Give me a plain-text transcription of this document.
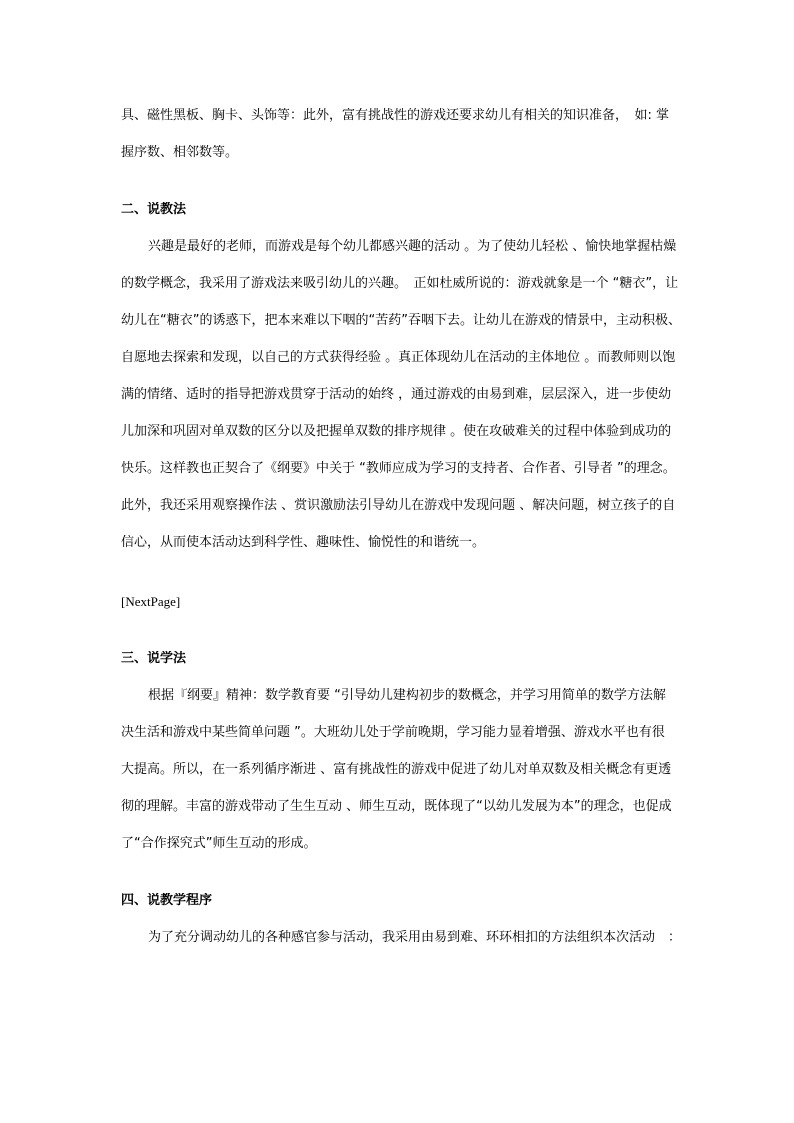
具、磁性黑板、胸卡、头饰等：此外，富有挑战性的游戏还要求幼儿有相关的知识准备，　如: 掌
握序数、相邻数等。
二、说教法
兴趣是最好的老师，而游戏是每个幼儿都感兴趣的活动 。为了使幼儿轻松 、愉快地掌握枯燥
的数学概念，我采用了游戏法来吸引幼儿的兴趣。　正如杜威所说的：游戏就象是一个 “糖衣”，让
幼儿在“糖衣”的诱惑下，把本来难以下咽的“苦药”吞咽下去。让幼儿在游戏的情景中，主动积极、
自愿地去探索和发现，以自己的方式获得经验 。真正体现幼儿在活动的主体地位 。而教师则以饱
满的情绪、适时的指导把游戏贯穿于活动的始终 ，通过游戏的由易到难，层层深入，进一步使幼
儿加深和巩固对单双数的区分以及把握单双数的排序规律 。使在攻破难关的过程中体验到成功的
快乐。这样教也正契合了《纲要》中关于 “教师应成为学习的支持者、合作者、引导者 ”的理念。
此外，我还采用观察操作法 、赏识激励法引导幼儿在游戏中发现问题 、解决问题，树立孩子的自
信心，从而使本活动达到科学性、趣味性、愉悦性的和谐统一。
[NextPage]
三、说学法
根据『纲要』精神：数学教育要 “引导幼儿建构初步的数概念，并学习用简单的数学方法解
决生活和游戏中某些简单问题 ”。大班幼儿处于学前晚期，学习能力显着增强、游戏水平也有很
大提高。所以，在一系列循序渐进 、富有挑战性的游戏中促进了幼儿对单双数及相关概念有更透
彻的理解。丰富的游戏带动了生生互动 、师生互动，既体现了“以幼儿发展为本”的理念，也促成
了“合作探究式”师生互动的形成。
四、说教学程序
为了充分调动幼儿的各种感官参与活动，我采用由易到难、环环相扣的方法组织本次活动　：
